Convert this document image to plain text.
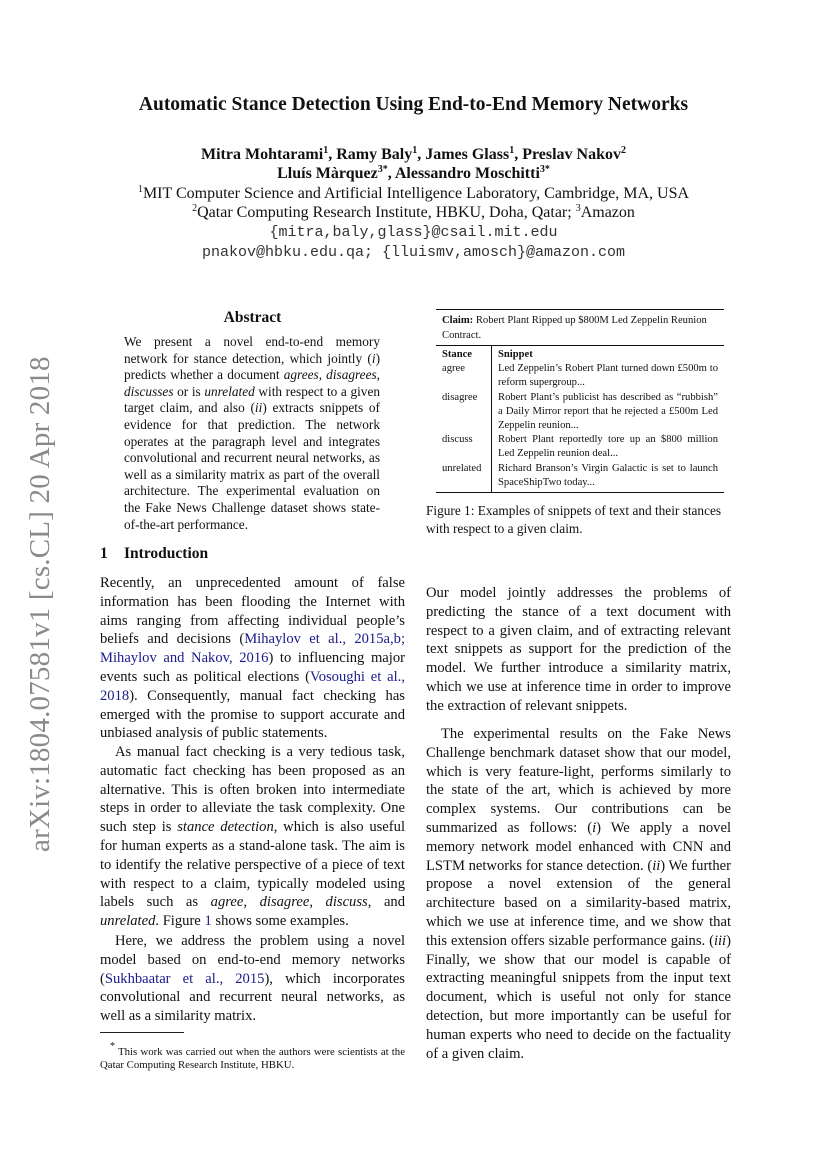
arXiv:1804.07581v1 [cs.CL] 20 Apr 2018
Automatic Stance Detection Using End-to-End Memory Networks
Mitra Mohtarami$^1$, Ramy Baly$^1$, James Glass$^1$, Preslav Nakov$^2$
Lluís Màrquez$^{3*}$, Alessandro Moschitti$^{3*}$
$^1$MIT Computer Science and Artificial Intelligence Laboratory, Cambridge, MA, USA
$^2$Qatar Computing Research Institute, HBKU, Doha, Qatar; $^3$Amazon
{mitra,baly,glass}@csail.mit.edu
pnakov@hbku.edu.qa; {lluismv,amosch}@amazon.com
Abstract

We present a novel end-to-end memory network for stance detection, which jointly (i) predicts whether a document agrees, disagrees, discusses or is unrelated with respect to a given target claim, and also (ii) extracts snippets of evidence for that prediction. The network operates at the paragraph level and integrates convolutional and recurrent neural networks, as well as a similarity matrix as part of the overall architecture. The experimental evaluation on the Fake News Challenge dataset shows state-of-the-art performance.

1 Introduction

Recently, an unprecedented amount of false information has been flooding the Internet with aims ranging from affecting individual people’s beliefs and decisions (Mihaylov et al., 2015a,b; Mihaylov and Nakov, 2016) to influencing major events such as political elections (Vosoughi et al., 2018). Consequently, manual fact checking has emerged with the promise to support accurate and unbiased analysis of public statements.

As manual fact checking is a very tedious task, automatic fact checking has been proposed as an alternative. This is often broken into intermediate steps in order to alleviate the task complexity. One such step is stance detection, which is also useful for human experts as a stand-alone task. The aim is to identify the relative perspective of a piece of text with respect to a claim, typically modeled using labels such as agree, disagree, discuss, and unrelated. Figure 1 shows some examples.

Here, we address the problem using a novel model based on end-to-end memory networks (Sukhbaatar et al., 2015), which incorporates convolutional and recurrent neural networks, as well as a similarity matrix.

* This work was carried out when the authors were scientists at the Qatar Computing Research Institute, HBKU.

Claim: Robert Plant Ripped up $800M Led Zeppelin Reunion Contract.
Stance	Snippet
agree	Led Zeppelin’s Robert Plant turned down £500m to reform supergroup...
disagree	Robert Plant’s publicist has described as “rubbish” a Daily Mirror report that he rejected a £500m Led Zeppelin reunion...
discuss	Robert Plant reportedly tore up an $800 million Led Zeppelin reunion deal...
unrelated	Richard Branson’s Virgin Galactic is set to launch SpaceShipTwo today...
Figure 1: Examples of snippets of text and their stances with respect to a given claim.

Our model jointly addresses the problems of predicting the stance of a text document with respect to a given claim, and of extracting relevant text snippets as support for the prediction of the model. We further introduce a similarity matrix, which we use at inference time in order to improve the extraction of relevant snippets.

The experimental results on the Fake News Challenge benchmark dataset show that our model, which is very feature-light, performs similarly to the state of the art, which is achieved by more complex systems. Our contributions can be summarized as follows: (i) We apply a novel memory network model enhanced with CNN and LSTM networks for stance detection. (ii) We further propose a novel extension of the general architecture based on a similarity-based matrix, which we use at inference time, and we show that this extension offers sizable performance gains. (iii) Finally, we show that our model is capable of extracting meaningful snippets from the input text document, which is useful not only for stance detection, but more importantly can be useful for human experts who need to decide on the factuality of a given claim.
